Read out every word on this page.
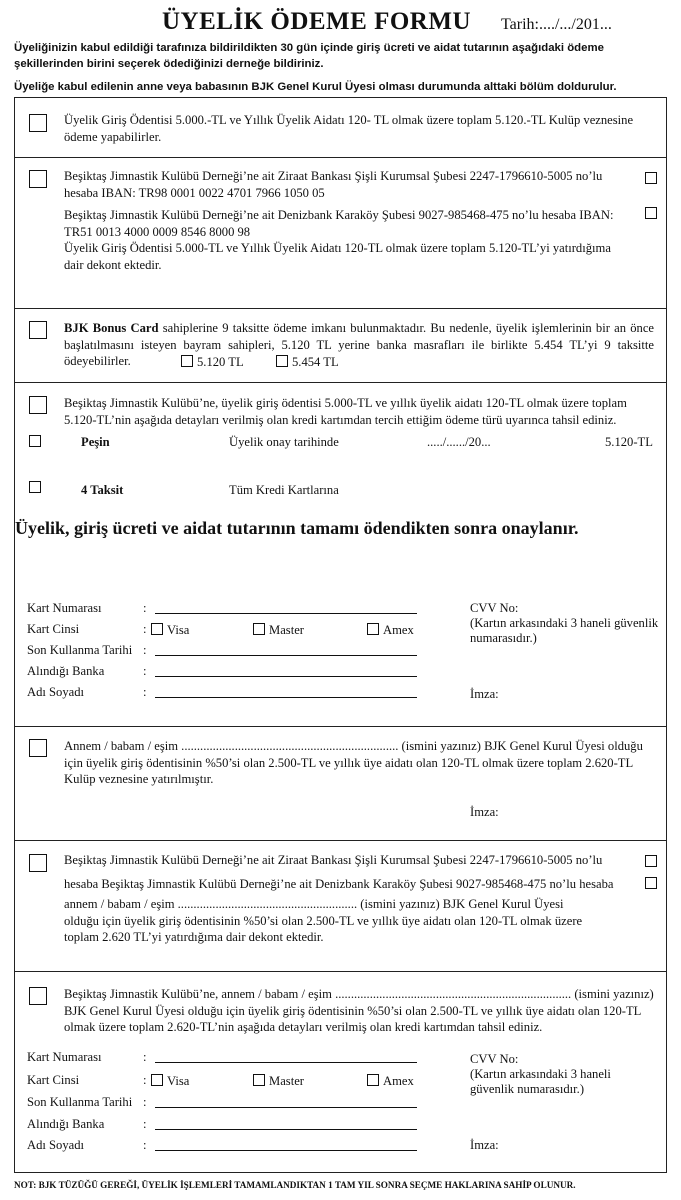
ÜYELİK ÖDEME FORMU Tarih:..../.../201...
Üyeliğinizin kabul edildiği tarafınıza bildirildikten 30 gün içinde giriş ücreti ve aidat tutarının aşağıdaki ödeme şekillerinden birini seçerek ödediğinizi derneğe bildiriniz.
Üyeliğe kabul edilenin anne veya babasının BJK Genel Kurul Üyesi olması durumunda alttaki bölüm doldurulur.
Üyelik Giriş Ödentisi 5.000.-TL ve Yıllık Üyelik Aidatı 120- TL olmak üzere toplam 5.120.-TL Kulüp veznesine ödeme yapabilirler.
Beşiktaş Jimnastik Kulübü Derneği’ne ait Ziraat Bankası Şişli Kurumsal Şubesi 2247-1796610-5005 no’lu hesaba IBAN: TR98 0001 0022 4701 7966 1050 05
Beşiktaş Jimnastik Kulübü Derneği’ne ait Denizbank Karaköy Şubesi 9027-985468-475 no’lu hesaba IBAN: TR51 0013 4000 0009 8546 8000 98
Üyelik Giriş Ödentisi 5.000-TL ve Yıllık Üyelik Aidatı 120-TL olmak üzere toplam 5.120-TL’yi yatırdığıma dair dekont ektedir.
BJK Bonus Card sahiplerine 9 taksitte ödeme imkanı bulunmaktadır. Bu nedenle, üyelik işlemlerinin bir an önce başlatılmasını isteyen bayram sahipleri, 5.120 TL yerine banka masrafları ile birlikte 5.454 TL’yi 9 taksitte ödeyebilirler.	5.120 TL	5.454 TL
Beşiktaş Jimnastik Kulübü’ne, üyelik giriş ödentisi 5.000-TL ve yıllık üyelik aidatı 120-TL olmak üzere toplam 5.120-TL’nin aşağıda detayları verilmiş olan kredi kartımdan tercih ettiğim ödeme türü uyarınca tahsil ediniz.
Peşin	Üyelik onay tarihinde	...../....../20...	5.120-TL
4 Taksit	Tüm Kredi Kartlarına
Üyelik, giriş ücreti ve aidat tutarının tamamı ödendikten sonra onaylanır.
Kart Numarası	:
Kart Cinsi	:	Visa	Master	Amex
Son Kullanma Tarihi :
Alındığı Banka	:
Adı Soyadı	:
CVV No:
(Kartın arkasındaki 3 haneli güvenlik numarasıdır.)
İmza:
Annem / babam / eşim ..................................................................... (ismini yazınız) BJK Genel Kurul Üyesi olduğu için üyelik giriş ödentisinin %50’si olan 2.500-TL ve yıllık üye aidatı olan 120-TL olmak üzere toplam 2.620-TL Kulüp veznesine yatırılmıştır.
İmza:
Beşiktaş Jimnastik Kulübü Derneği’ne ait Ziraat Bankası Şişli Kurumsal Şubesi 2247-1796610-5005 no’lu
hesaba Beşiktaş Jimnastik Kulübü Derneği’ne ait Denizbank Karaköy Şubesi 9027-985468-475 no’lu hesaba
annem / babam / eşim ......................................................... (ismini yazınız) BJK Genel Kurul Üyesi olduğu için üyelik giriş ödentisinin %50’si olan 2.500-TL ve yıllık üye aidatı olan 120-TL olmak üzere toplam 2.620 TL’yi yatırdığıma dair dekont ektedir.
Beşiktaş Jimnastik Kulübü’ne, annem / babam / eşim ........................................................................... (ismini yazınız) BJK Genel Kurul Üyesi olduğu için üyelik giriş ödentisinin %50’si olan 2.500-TL ve yıllık üye aidatı olan 120-TL olmak üzere toplam 2.620-TL’nin aşağıda detayları verilmiş olan kredi kartımdan tahsil ediniz.
Kart Numarası	:
Kart Cinsi	:	Visa	Master	Amex
Son Kullanma Tarihi :
Alındığı Banka	:
Adı Soyadı	:
CVV No:
(Kartın arkasındaki 3 haneli güvenlik numarasıdır.)
İmza:
NOT: BJK TÜZÜĞÜ GEREĞİ, ÜYELİK İŞLEMLERİ TAMAMLANDIKTAN 1 TAM YIL SONRA SEÇME HAKLARINA SAHİP OLUNUR.
